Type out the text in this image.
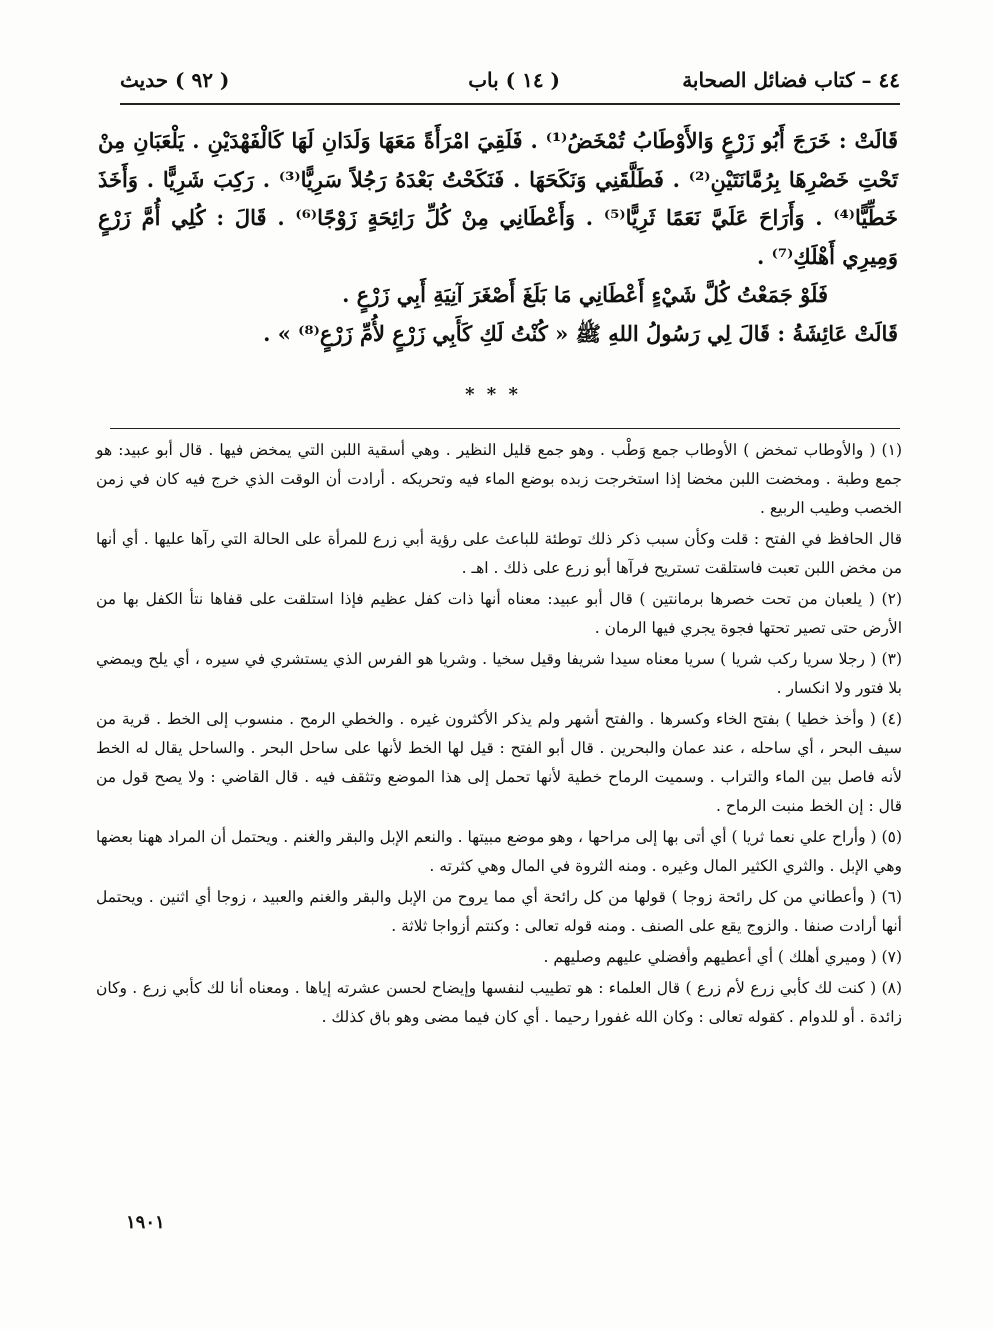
٤٤ – كتاب فضائل الصحابة
( ١٤ ) باب
( ٩٢ ) حديث

قَالَتْ : خَرَجَ أَبُو زَرْعٍ وَالأَوْطَابُ تُمْخَضُ⁽¹⁾ . فَلَقِيَ امْرَأَةً مَعَهَا وَلَدَانِ لَهَا كَالْفَهْدَيْنِ . يَلْعَبَانِ مِنْ تَحْتِ خَصْرِهَا بِرُمَّانَتَيْنِ⁽²⁾ . فَطَلَّقَنِي وَنَكَحَهَا . فَنَكَحْتُ بَعْدَهُ رَجُلاً سَرِيًّا⁽³⁾ . رَكِبَ شَرِيًّا . وَأَخَذَ خَطِّيًّا⁽⁴⁾ . وَأَرَاحَ عَلَيَّ نَعَمًا ثَرِيًّا⁽⁵⁾ . وَأَعْطَانِي مِنْ كُلِّ رَائِحَةٍ زَوْجًا⁽⁶⁾ . قَالَ : كُلِي أُمَّ زَرْعٍ وَمِيرِي أَهْلَكِ⁽⁷⁾ .

فَلَوْ جَمَعْتُ كُلَّ شَيْءٍ أَعْطَانِي مَا بَلَغَ أَصْغَرَ آنِيَةِ أَبِي زَرْعٍ .

قَالَتْ عَائِشَةُ : قَالَ لِي رَسُولُ اللهِ ﷺ « كُنْتُ لَكِ كَأَبِي زَرْعٍ لأُمِّ زَرْعٍ⁽⁸⁾ » .

* * *

(١) ( والأوطاب تمخض ) الأوطاب جمع وَطْب . وهو جمع قليل النظير . وهي أسقية اللبن التي يمخض فيها . قال أبو عبيد: هو جمع وطبة . ومخضت اللبن مخضا إذا استخرجت زبده بوضع الماء فيه وتحريكه . أرادت أن الوقت الذي خرج فيه كان في زمن الخصب وطيب الربيع .

قال الحافظ في الفتح : قلت وكأن سبب ذكر ذلك توطئة للباعث على رؤية أبي زرع للمرأة على الحالة التي رآها عليها . أي أنها من مخض اللبن تعبت فاستلقت تستريح فرآها أبو زرع على ذلك . اهـ .

(٢) ( يلعبان من تحت خصرها برمانتين ) قال أبو عبيد: معناه أنها ذات كفل عظيم فإذا استلقت على قفاها نتأ الكفل بها من الأرض حتى تصير تحتها فجوة يجري فيها الرمان .

(٣) ( رجلا سريا ركب شريا ) سريا معناه سيدا شريفا وقيل سخيا . وشريا هو الفرس الذي يستشري في سيره ، أي يلح ويمضي بلا فتور ولا انكسار .

(٤) ( وأخذ خطيا ) بفتح الخاء وكسرها . والفتح أشهر ولم يذكر الأكثرون غيره . والخطي الرمح . منسوب إلى الخط . قرية من سيف البحر ، أي ساحله ، عند عمان والبحرين . قال أبو الفتح : قيل لها الخط لأنها على ساحل البحر . والساحل يقال له الخط لأنه فاصل بين الماء والتراب . وسميت الرماح خطية لأنها تحمل إلى هذا الموضع وتثقف فيه . قال القاضي : ولا يصح قول من قال : إن الخط منبت الرماح .

(٥) ( وأراح علي نعما ثريا ) أي أتى بها إلى مراحها ، وهو موضع مبيتها . والنعم الإبل والبقر والغنم . ويحتمل أن المراد ههنا بعضها وهي الإبل . والثري الكثير المال وغيره . ومنه الثروة في المال وهي كثرته .

(٦) ( وأعطاني من كل رائحة زوجا ) قولها من كل رائحة أي مما يروح من الإبل والبقر والغنم والعبيد ، زوجا أي اثنين . ويحتمل أنها أرادت صنفا . والزوج يقع على الصنف . ومنه قوله تعالى : وكنتم أزواجا ثلاثة .

(٧) ( وميري أهلك ) أي أعطيهم وأفضلي عليهم وصليهم .

(٨) ( كنت لك كأبي زرع لأم زرع ) قال العلماء : هو تطييب لنفسها وإيضاح لحسن عشرته إياها . ومعناه أنا لك كأبي زرع . وكان زائدة . أو للدوام . كقوله تعالى : وكان الله غفورا رحيما . أي كان فيما مضى وهو باق كذلك .

١٩٠١
